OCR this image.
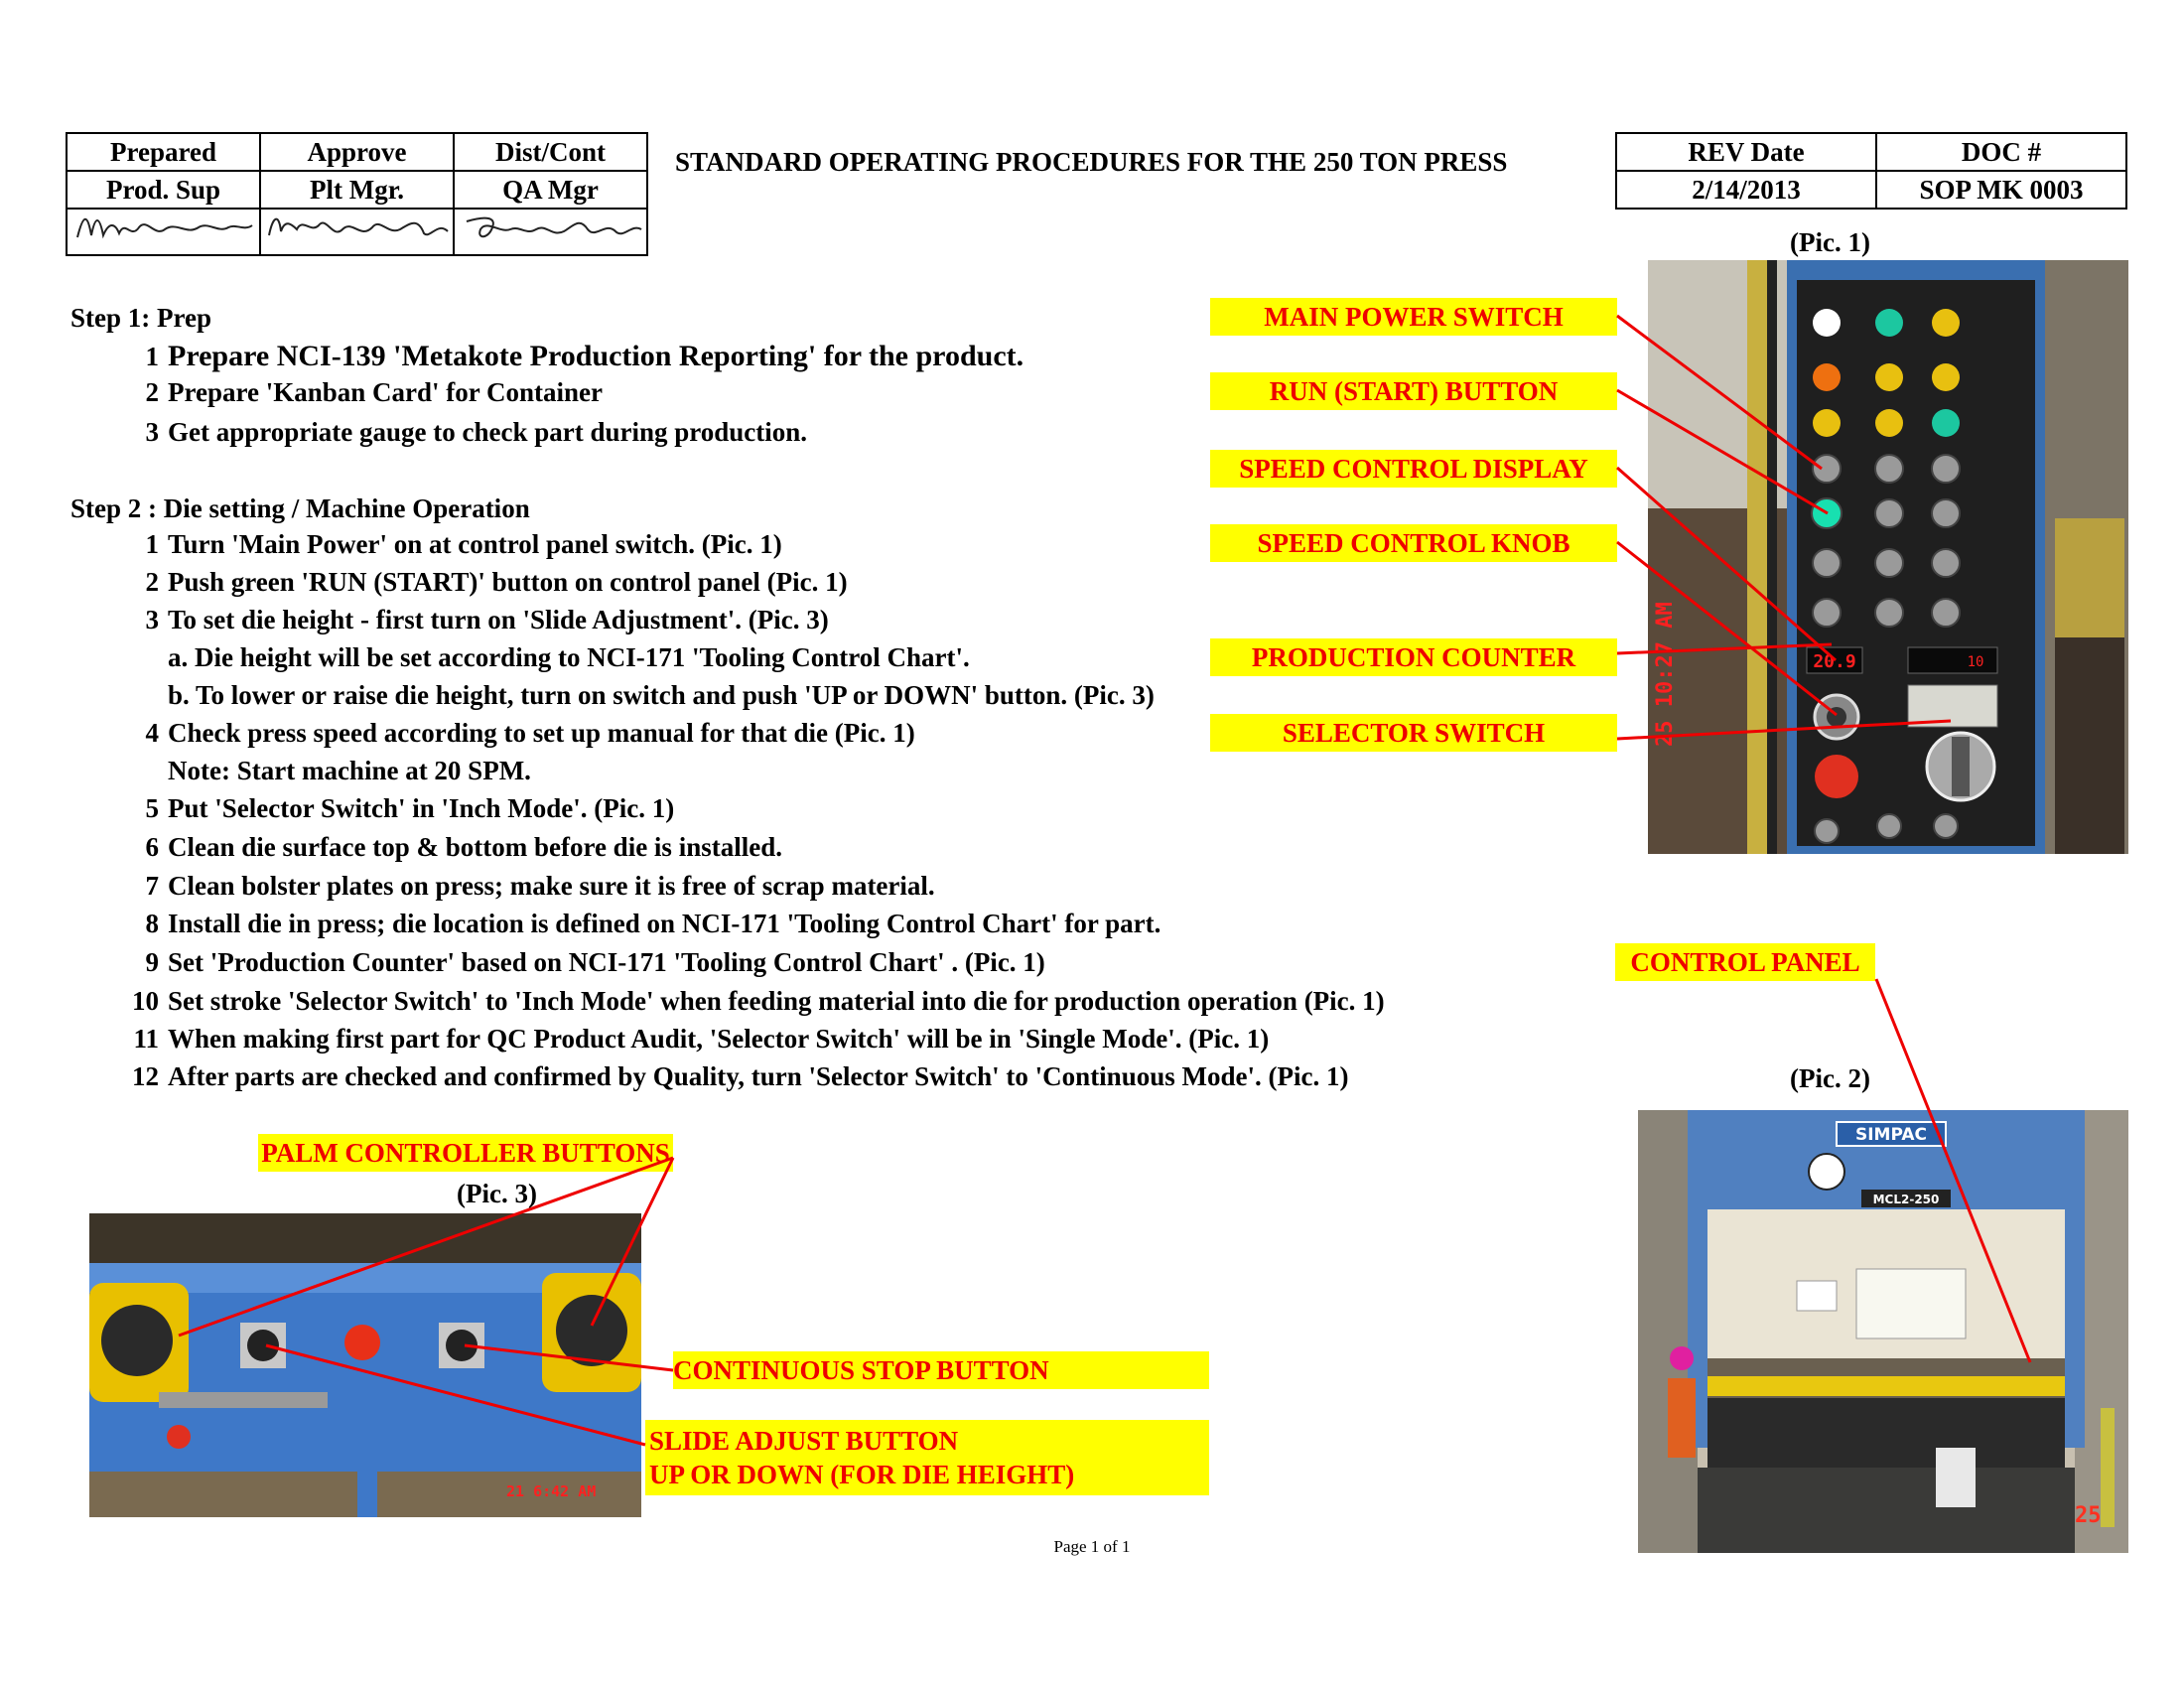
Prepared	Approve	Dist/Cont
Prod. Sup	Plt Mgr.	QA Mgr

STANDARD OPERATING PROCEDURES FOR THE 250 TON PRESS	REV Date	DOC #
2/14/2013	SOP MK 0003
Step 1: Prep
1 Prepare NCI-139 'Metakote Production Reporting' for the product.
2 Prepare 'Kanban Card' for Container
3 Get appropriate gauge to check part during production.
Step 2 : Die setting / Machine Operation
1 Turn 'Main Power' on at control panel switch. (Pic. 1)
2 Push green 'RUN (START)' button on control panel (Pic. 1)
3 To set die height - first turn on 'Slide Adjustment'. (Pic. 3)
a. Die height will be set according to NCI-171 'Tooling Control Chart'.
b. To lower or raise die height, turn on switch and push 'UP or DOWN' button. (Pic. 3)
4 Check press speed according to set up manual for that die (Pic. 1)
Note: Start machine at 20 SPM.
5 Put 'Selector Switch' in 'Inch Mode'. (Pic. 1)
6 Clean die surface top & bottom before die is installed.
7 Clean bolster plates on press; make sure it is free of scrap material.
8 Install die in press; die location is defined on NCI-171 'Tooling Control Chart' for part.
9 Set 'Production Counter' based on NCI-171 'Tooling Control Chart' . (Pic. 1)
10 Set stroke 'Selector Switch' to 'Inch Mode' when feeding material into die for production operation (Pic. 1)
11 When making first part for QC Product Audit, 'Selector Switch' will be in 'Single Mode'. (Pic. 1)
12 After parts are checked and confirmed by Quality, turn 'Selector Switch' to 'Continuous Mode'. (Pic. 1)
(Pic. 1)
20.9	10
25 10:27 AM
MAIN POWER SWITCH
RUN (START) BUTTON
SPEED CONTROL DISPLAY
SPEED CONTROL KNOB
PRODUCTION COUNTER
SELECTOR SWITCH
CONTROL PANEL
(Pic. 2)
SIMPAC
MCL2-250
25
PALM CONTROLLER BUTTONS
(Pic. 3)
21 6:42 AM
CONTINUOUS STOP BUTTON
SLIDE ADJUST BUTTON
UP OR DOWN (FOR DIE HEIGHT)
Page 1 of 1
